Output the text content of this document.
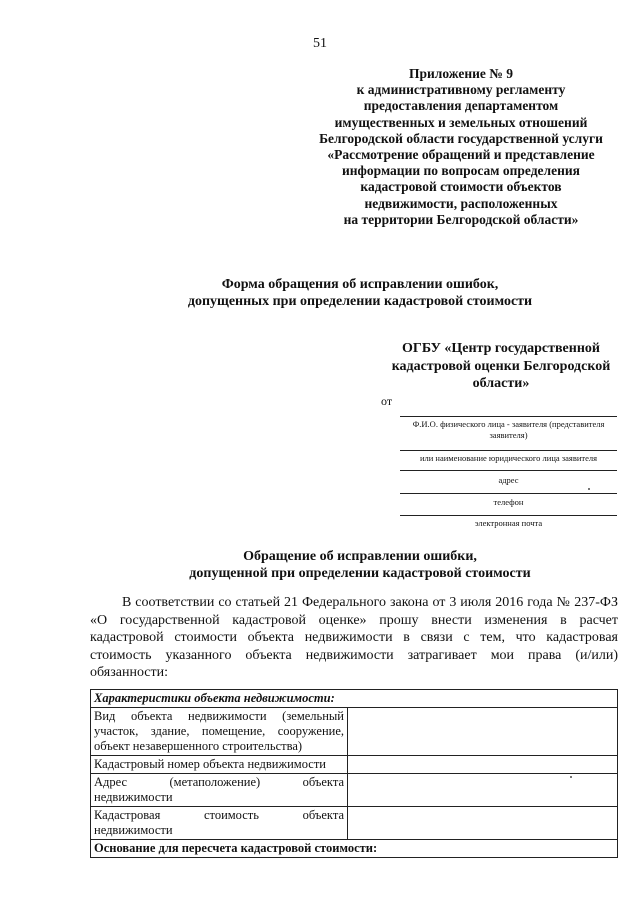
51
Приложение № 9
к административному регламенту
предоставления департаментом
имущественных и земельных отношений
Белгородской области государственной услуги
«Рассмотрение обращений и представление
информации по вопросам определения
кадастровой стоимости объектов
недвижимости, расположенных
на территории Белгородской области»
Форма обращения об исправлении ошибок,
допущенных при определении кадастровой стоимости
ОГБУ «Центр государственной
кадастровой оценки Белгородской
области»
от
Ф.И.О. физического лица - заявителя (представителя заявителя)
или наименование юридического лица заявителя
адрес
телефон
электронная почта
Обращение об исправлении ошибки,
допущенной при определении кадастровой стоимости
В соответствии со статьей 21 Федерального закона от 3 июля 2016 года № 237-ФЗ «О государственной кадастровой оценке» прошу внести изменения в расчет кадастровой стоимости объекта недвижимости в связи с тем, что кадастровая стоимость указанного объекта недвижимости затрагивает мои права (и/или) обязанности:
Характеристики объекта недвижимости:	
Вид объекта недвижимости (земельный участок, здание, помещение, сооружение, объект незавершенного строительства)	
Кадастровый номер объекта недвижимости	
Адрес (метаположение) объекта недвижимости	
Кадастровая стоимость объекта недвижимости	
Основание для пересчета кадастровой стоимости:	
